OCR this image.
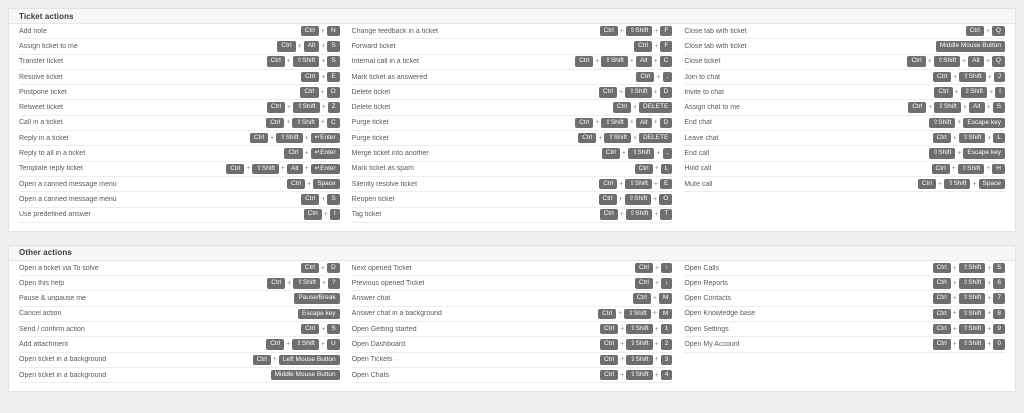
Ticket actions
Add note	Ctrl + N
Assign ticket to me	Ctrl + Alt + S
Transfer ticket	Ctrl + ⇧Shift + S
Resolve ticket	Ctrl + E
Postpone ticket	Ctrl + O
Retweet ticket	Ctrl + ⇧Shift + Z
Call in a ticket	Ctrl + ⇧Shift + C
Reply in a ticket	Ctrl + ⇧Shift + ↵Enter
Reply to all in a ticket	Ctrl + ↵Enter
Template reply ticket	Ctrl + ⇧Shift + Alt + ↵Enter
Open a canned message menu	Ctrl + Space
Open a canned message menu	Ctrl + S
Use predefined answer	Ctrl + I
Change feedback in a ticket	Ctrl + ⇧Shift + F
Forward ticket	Ctrl + F
Internal call in a ticket	Ctrl + ⇧Shift + Alt + C
Mark ticket as answered	Ctrl + .
Delete ticket	Ctrl + ⇧Shift + D
Delete ticket	Ctrl + DELETE
Purge ticket	Ctrl + ⇧Shift + Alt + D
Purge ticket	Ctrl + ⇧Shift + DELETE
Merge ticket into another	Ctrl + ⇧Shift + ,
Mark ticket as spam	Ctrl + L
Silently resolve ticket	Ctrl + ⇧Shift + E
Reopen ticket	Ctrl + ⇧Shift + O
Tag ticket	Ctrl + ⇧Shift + T
Close tab with ticket	Ctrl + Q
Close tab with ticket	Middle Mouse Button
Close ticket	Ctrl + ⇧Shift + Alt + Q
Join to chat	Ctrl + ⇧Shift + J
Invite to chat	Ctrl + ⇧Shift + I
Assign chat to me	Ctrl + ⇧Shift + Alt + S
End chat	⇧Shift + Escape key
Leave chat	Ctrl + ⇧Shift + L
End call	⇧Shift + Escape key
Hold call	Ctrl + ⇧Shift + H
Mute call	Ctrl + ⇧Shift + Space
Other actions
Open a ticket via To solve	Ctrl + D
Open this help	Ctrl + ⇧Shift + ?
Pause & unpause me	Pause/Break
Cancel action	Escape key
Send / confirm action	Ctrl + S
Add attachment	Ctrl + ⇧Shift + U
Open ticket in a background	Ctrl + Left Mouse Button
Open ticket in a background	Middle Mouse Button
Next opened Ticket	Ctrl + ↑
Previous opened Ticket	Ctrl + ↓
Answer chat	Ctrl + M
Answer chat in a background	Ctrl + ⇧Shift + M
Open Getting started	Ctrl + ⇧Shift + 1
Open Dashboard	Ctrl + ⇧Shift + 2
Open Tickets	Ctrl + ⇧Shift + 3
Open Chats	Ctrl + ⇧Shift + 4
Open Calls	Ctrl + ⇧Shift + 5
Open Reports	Ctrl + ⇧Shift + 6
Open Contacts	Ctrl + ⇧Shift + 7
Open Knowledge base	Ctrl + ⇧Shift + 8
Open Settings	Ctrl + ⇧Shift + 9
Open My Account	Ctrl + ⇧Shift + 0
